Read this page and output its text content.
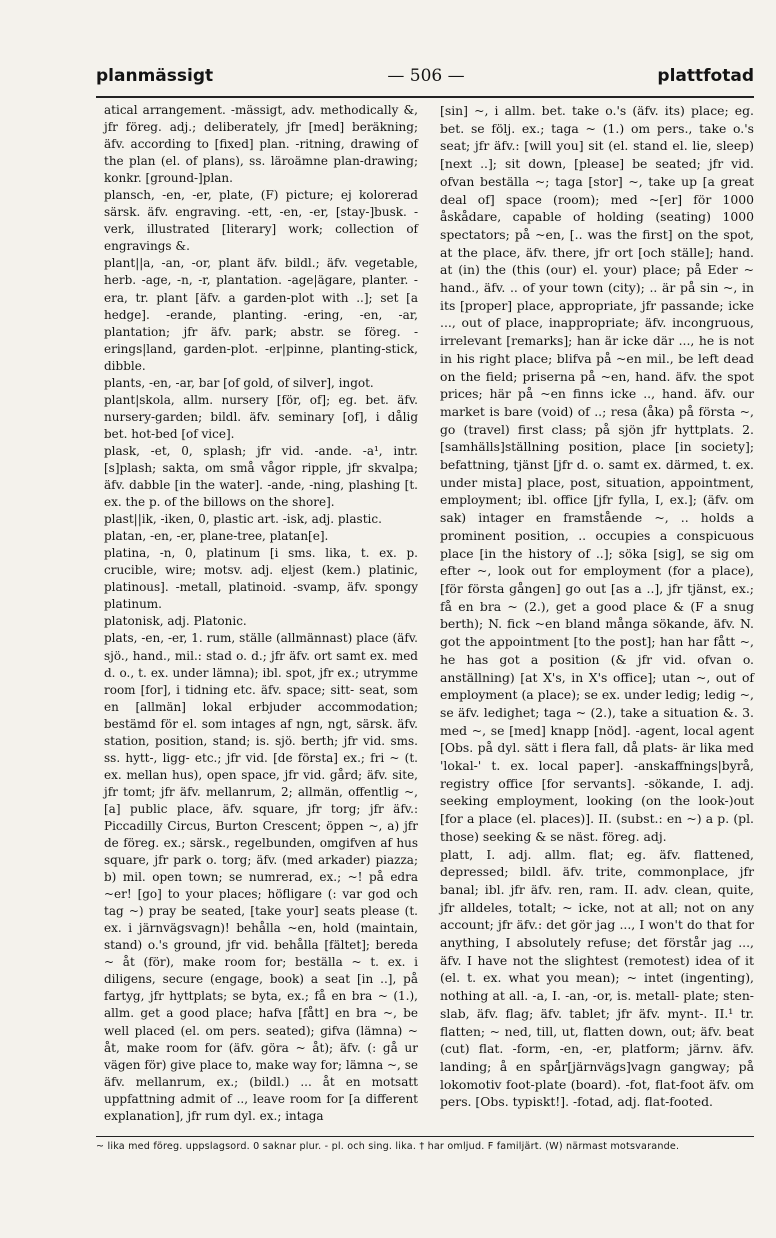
planmässigt	— 506 —	plattfotad

atical arrangement. -mässigt, adv. methodically &, jfr föreg. adj.; deliberately, jfr [med] beräkning; äfv. according to [fixed] plan. -ritning, drawing of the plan (el. of plans), ss. läroämne plan-drawing; konkr. [ground-]plan.

plansch, -en, -er, plate, (F) picture; ej kolorerad särsk. äfv. engraving. -ett, -en, -er, [stay-]busk. -verk, illustrated [literary] work; collection of engravings &.

plant||a, -an, -or, plant äfv. bildl.; äfv. vegetable, herb. -age, -n, -r, plantation. -age|ägare, planter. -era, tr. plant [äfv. a garden-plot with ..]; set [a hedge]. -erande, planting. -ering, -en, -ar, plantation; jfr äfv. park; abstr. se föreg. -erings|land, garden-plot. -er|pinne, planting-stick, dibble.

plants, -en, -ar, bar [of gold, of silver], ingot.

plant|skola, allm. nursery [för, of]; eg. bet. äfv. nursery-garden; bildl. äfv. seminary [of], i dålig bet. hot-bed [of vice].

plask, -et, 0, splash; jfr vid. -ande. -a¹, intr. [s]plash; sakta, om små vågor ripple, jfr skvalpa; äfv. dabble [in the water]. -ande, -ning, plashing [t. ex. the p. of the billows on the shore].

plast||ik, -iken, 0, plastic art. -isk, adj. plastic.

platan, -en, -er, plane-tree, platan[e].

platina, -n, 0, platinum [i sms. lika, t. ex. p. crucible, wire; motsv. adj. eljest (kem.) platinic, platinous]. -metall, platinoid. -svamp, äfv. spongy platinum.

platonisk, adj. Platonic.

plats, -en, -er, 1. rum, ställe (allmännast) place (äfv. sjö., hand., mil.: stad o. d.; jfr äfv. ort samt ex. med d. o., t. ex. under lämna); ibl. spot, jfr ex.; utrymme room [for], i tidning etc. äfv. space; sitt- seat, som en [allmän] lokal erbjuder accommodation; bestämd för el. som intages af ngn, ngt, särsk. äfv. station, position, stand; is. sjö. berth; jfr vid. sms. ss. hytt-, ligg- etc.; jfr vid. [de första] ex.; fri ~ (t. ex. mellan hus), open space, jfr vid. gård; äfv. site, jfr tomt; jfr äfv. mellanrum, 2; allmän, offentlig ~, [a] public place, äfv. square, jfr torg; jfr äfv.: Piccadilly Circus, Burton Crescent; öppen ~, a) jfr de föreg. ex.; särsk., regelbunden, omgifven af hus square, jfr park o. torg; äfv. (med arkader) piazza; b) mil. open town; se numrerad, ex.; ~! på edra ~er! [go] to your places; höfligare (: var god och tag ~) pray be seated, [take your] seats please (t. ex. i järnvägsvagn)! behålla ~en, hold (maintain, stand) o.'s ground, jfr vid. behålla [fältet]; bereda ~ åt (för), make room for; beställa ~ t. ex. i diligens, secure (engage, book) a seat [in ..], på fartyg, jfr hyttplats; se byta, ex.; få en bra ~ (1.), allm. get a good place; hafva [fått] en bra ~, be well placed (el. om pers. seated); gifva (lämna) ~ åt, make room for (äfv. göra ~ åt); äfv. (: gå ur vägen för) give place to, make way for; lämna ~, se äfv. mellanrum, ex.; (bildl.) ... åt en motsatt uppfattning admit of .., leave room for [a different explanation], jfr rum dyl. ex.; intaga

[sin] ~, i allm. bet. take o.'s (äfv. its) place; eg. bet. se följ. ex.; taga ~ (1.) om pers., take o.'s seat; jfr äfv.: [will you] sit (el. stand el. lie, sleep) [next ..]; sit down, [please] be seated; jfr vid. ofvan beställa ~; taga [stor] ~, take up [a great deal of] space (room); med ~[er] för 1000 åskådare, capable of holding (seating) 1000 spectators; på ~en, [.. was the first] on the spot, at the place, äfv. there, jfr ort [och ställe]; hand. at (in) the (this (our) el. your) place; på Eder ~ hand., äfv. .. of your town (city); .. är på sin ~, in its [proper] place, appropriate, jfr passande; icke ..., out of place, inappropriate; äfv. incongruous, irrelevant [remarks]; han är icke där ..., he is not in his right place; blifva på ~en mil., be left dead on the field; priserna på ~en, hand. äfv. the spot prices; här på ~en finns icke .., hand. äfv. our market is bare (void) of ..; resa (åka) på första ~, go (travel) first class; på sjön jfr hyttplats. 2. [samhälls]ställning position, place [in society]; befattning, tjänst [jfr d. o. samt ex. därmed, t. ex. under mista] place, post, situation, appointment, employment; ibl. office [jfr fylla, I, ex.]; (äfv. om sak) intager en framstående ~, .. holds a prominent position, .. occupies a conspicuous place [in the history of ..]; söka [sig], se sig om efter ~, look out for employment (for a place), [för första gången] go out [as a ..], jfr tjänst, ex.; få en bra ~ (2.), get a good place & (F a snug berth); N. fick ~en bland många sökande, äfv. N. got the appointment [to the post]; han har fått ~, he has got a position (& jfr vid. ofvan o. anställning) [at X's, in X's office]; utan ~, out of employment (a place); se ex. under ledig; ledig ~, se äfv. ledighet; taga ~ (2.), take a situation &. 3. med ~, se [med] knapp [nöd]. -agent, local agent [Obs. på dyl. sätt i flera fall, då plats- är lika med 'lokal-' t. ex. local paper]. -anskaffnings|byrå, registry office [for servants]. -sökande, I. adj. seeking employment, looking (on the look-)out [for a place (el. places)]. II. (subst.: en ~) a p. (pl. those) seeking & se näst. föreg. adj.

platt, I. adj. allm. flat; eg. äfv. flattened, depressed; bildl. äfv. trite, commonplace, jfr banal; ibl. jfr äfv. ren, ram. II. adv. clean, quite, jfr alldeles, totalt; ~ icke, not at all; not on any account; jfr äfv.: det gör jag ..., I won't do that for anything, I absolutely refuse; det förstår jag ..., äfv. I have not the slightest (remotest) idea of it (el. t. ex. what you mean); ~ intet (ingenting), nothing at all. -a, I. -an, -or, is. metall- plate; sten- slab, äfv. flag; äfv. tablet; jfr äfv. mynt-. II.¹ tr. flatten; ~ ned, till, ut, flatten down, out; äfv. beat (cut) flat. -form, -en, -er, platform; järnv. äfv. landing; å en spår[järnvägs]vagn gangway; på lokomotiv foot-plate (board). -fot, flat-foot äfv. om pers. [Obs. typiskt!]. -fotad, adj. flat-footed.

~ lika med föreg. uppslagsord. 0 saknar plur. - pl. och sing. lika. † har omljud. F familjärt. (W) närmast motsvarande.
